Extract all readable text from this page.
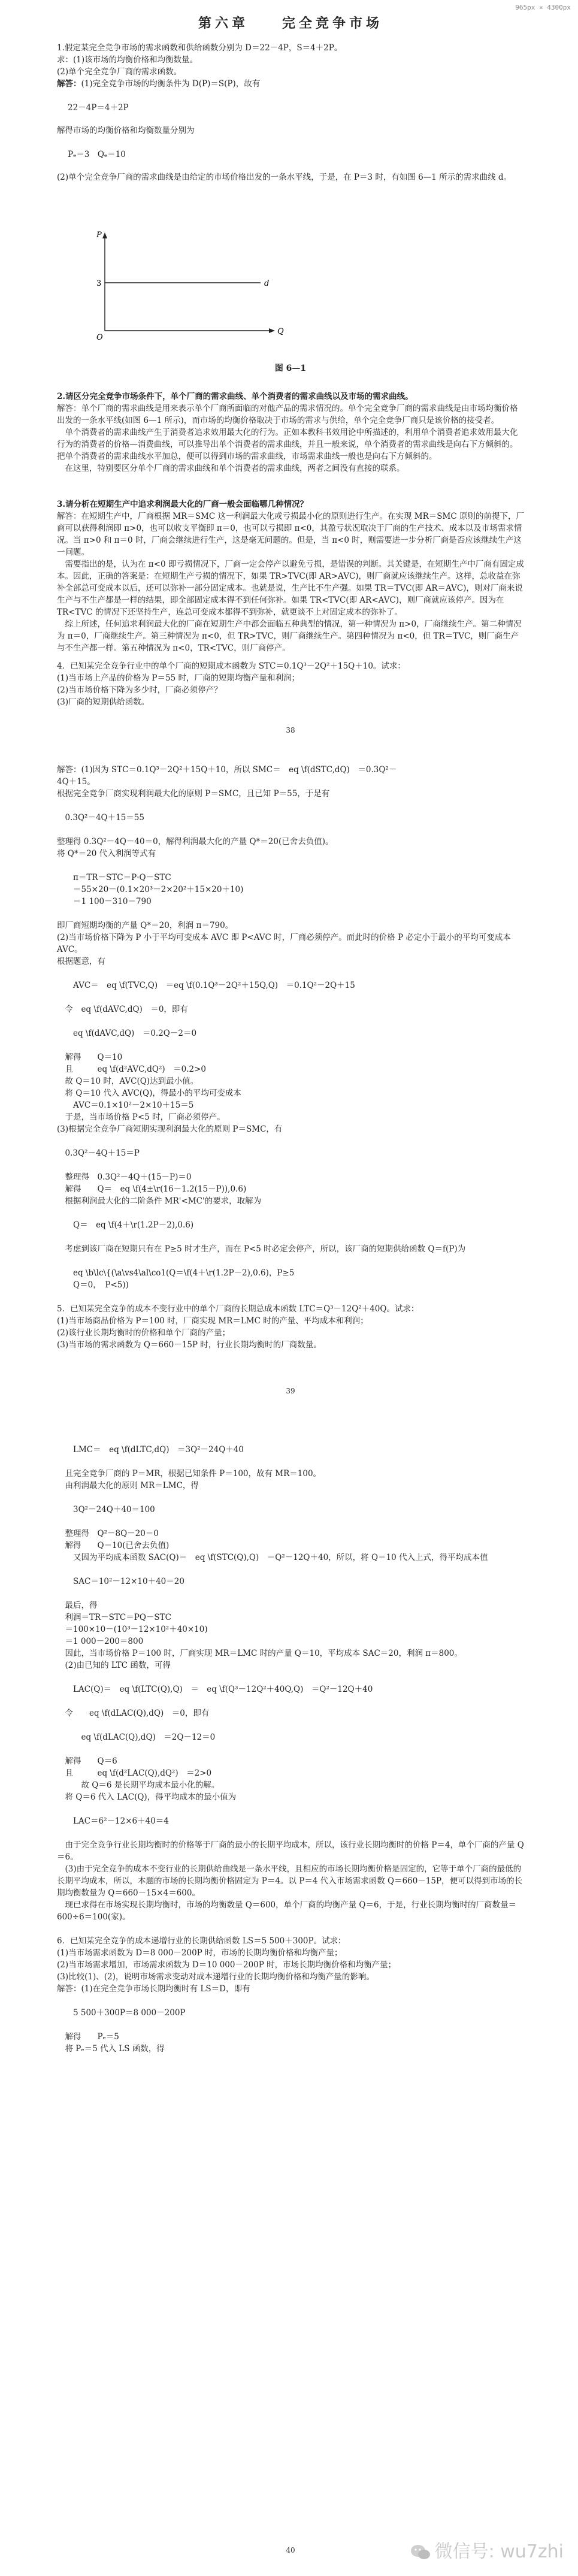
965px × 4300px
第六章　　完全竞争市场

1.假定某完全竞争市场的需求函数和供给函数分别为 D＝22－4P，S＝4＋2P。

求：(1)该市场的均衡价格和均衡数量。

(2)单个完全竞争厂商的需求函数。

解答：(1)完全竞争市场的均衡条件为 D(P)＝S(P)，故有

22－4P＝4＋2P

解得市场的均衡价格和均衡数量分别为

Pₑ＝3　Qₑ＝10

(2)单个完全竞争厂商的需求曲线是由给定的市场价格出发的一条水平线，于是，在 P＝3 时，有如图 6—1 所示的需求曲线 d。

P
Q
O
3	d
图 6—1

2.请区分完全竞争市场条件下，单个厂商的需求曲线、单个消费者的需求曲线以及市场的需求曲线。

解答：单个厂商的需求曲线是用来表示单个厂商所面临的对他产品的需求情况的。单个完全竞争厂商的需求曲线是由市场均衡价格出发的一条水平线(如图 6—1 所示)，而市场的均衡价格取决于市场的需求与供给，单个完全竞争厂商只是该价格的接受者。
　单个消费者的需求曲线产生于消费者追求效用最大化的行为。正如本教科书效用论中所描述的，利用单个消费者追求效用最大化行为的消费者的价格—消费曲线，可以推导出单个消费者的需求曲线，并且一般来说，单个消费者的需求曲线是向右下方倾斜的。把单个消费者的需求曲线水平加总，便可以得到市场的需求曲线，市场需求曲线一般也是向右下方倾斜的。
　在这里，特别要区分单个厂商的需求曲线和单个消费者的需求曲线，两者之间没有直接的联系。

3.请分析在短期生产中追求利润最大化的厂商一般会面临哪几种情况？

解答：在短期生产中，厂商根据 MR＝SMC 这一利润最大化或亏损最小化的原则进行生产。在实现 MR＝SMC 原则的前提下，厂商可以获得利润即 π>0，也可以收支平衡即 π＝0，也可以亏损即 π<0，其盈亏状况取决于厂商的生产技术、成本以及市场需求情况。当 π>0 和 π＝0 时，厂商会继续进行生产，这是毫无问题的。但是，当 π<0 时，则需要进一步分析厂商是否应该继续生产这一问题。
　需要指出的是，认为在 π<0 即亏损情况下，厂商一定会停产以避免亏损，是错误的判断。其关键是，在短期生产中厂商有固定成本。因此，正确的答案是：在短期生产亏损的情况下，如果 TR>TVC(即 AR>AVC)，则厂商就应该继续生产。这样，总收益在弥补全部总可变成本以后，还可以弥补一部分固定成本。也就是说，生产比不生产强。如果 TR＝TVC(即 AR＝AVC)，则对厂商来说生产与不生产都是一样的结果，即全部固定成本得不到任何弥补。如果 TR<TVC(即 AR<AVC)，则厂商就应该停产。因为在 TR<TVC 的情况下还坚持生产，连总可变成本都得不到弥补，就更谈不上对固定成本的弥补了。
　综上所述，任何追求利润最大化的厂商在短期生产中都会面临五种典型的情况，第一种情况为 π>0，厂商继续生产。第二种情况为 π＝0，厂商继续生产。第三种情况为 π<0，但 TR>TVC，则厂商继续生产。第四种情况为 π<0，但 TR＝TVC，则厂商生产与不生产都一样。第五种情况为 π<0，TR<TVC，则厂商停产。

4．已知某完全竞争行业中的单个厂商的短期成本函数为 STC＝0.1Q³－2Q²＋15Q＋10。试求：

(1)当市场上产品的价格为 P＝55 时，厂商的短期均衡产量和利润；

(2)当市场价格下降为多少时，厂商必须停产？

(3)厂商的短期供给函数。

38

解答：(1)因为 STC＝0.1Q³－2Q²＋15Q＋10，所以 SMC＝　eq \f(dSTC,dQ)　＝0.3Q²－

4Q＋15。

根据完全竞争厂商实现利润最大化的原则 P＝SMC，且已知 P＝55，于是有

　0.3Q²－4Q＋15＝55

整理得 0.3Q²－4Q－40＝0，解得利润最大化的产量 Q*＝20(已舍去负值)。

将 Q*＝20 代入利润等式有

　　π＝TR－STC＝P·Q－STC

　　＝55×20－(0.1×20³－2×20²＋15×20＋10)

　　＝1 100－310＝790

即厂商短期均衡的产量 Q*＝20，利润 π＝790。

(2)当市场价格下降为 P 小于平均可变成本 AVC 即 P<AVC 时，厂商必须停产。而此时的价格 P 必定小于最小的平均可变成本 AVC。

根据题意，有

　　AVC＝　eq \f(TVC,Q)　＝eq \f(0.1Q³－2Q²＋15Q,Q)　＝0.1Q²－2Q＋15

　令　eq \f(dAVC,dQ)　＝0，即有

　　eq \f(dAVC,dQ)　＝0.2Q－2＝0

　解得　　Q＝10

　且　　　eq \f(d²AVC,dQ²)　＝0.2>0

　故 Q＝10 时，AVC(Q)达到最小值。

　将 Q＝10 代入 AVC(Q)，得最小的平均可变成本

　　AVC＝0.1×10²－2×10＋15＝5

　于是，当市场价格 P<5 时，厂商必须停产。

(3)根据完全竞争厂商短期实现利润最大化的原则 P＝SMC，有

　0.3Q²－4Q＋15＝P

　整理得　0.3Q²－4Q＋(15－P)＝0

　解得　　Q＝　eq \f(4±\r(16－1.2(15－P)),0.6)

　根据利润最大化的二阶条件 MR'<MC'的要求，取解为

　　Q＝　eq \f(4＋\r(1.2P－2),0.6)

　考虑到该厂商在短期只有在 P≥5 时才生产，而在 P<5 时必定会停产，所以，该厂商的短期供给函数 Q＝f(P)为

　　eq \b\lc\{(\a\vs4\al\co1(Q＝\f(4＋\r(1.2P－2),0.6)，P≥5

　　Q＝0，　P<5))

5．已知某完全竞争的成本不变行业中的单个厂商的长期总成本函数 LTC＝Q³－12Q²＋40Q。试求：

(1)当市场商品价格为 P＝100 时，厂商实现 MR＝LMC 时的产量、平均成本和利润；

(2)该行业长期均衡时的价格和单个厂商的产量；

(3)当市场的需求函数为 Q＝660－15P 时，行业长期均衡时的厂商数量。

39

　　LMC＝　eq \f(dLTC,dQ)　＝3Q²－24Q＋40

　且完全竞争厂商的 P＝MR，根据已知条件 P＝100，故有 MR＝100。

　由利润最大化的原则 MR＝LMC，得

　　3Q²－24Q＋40＝100

　整理得　Q²－8Q－20＝0

　解得　　Q＝10(已舍去负值)

　　又因为平均成本函数 SAC(Q)＝　eq \f(STC(Q),Q)　＝Q²－12Q＋40，所以，将 Q＝10 代入上式，得平均成本值

　　SAC＝10²－12×10＋40＝20

　最后，得

　利润＝TR－STC＝PQ－STC

　＝100×10－(10³－12×10²＋40×10)

　＝1 000－200＝800

　因此，当市场价格 P＝100 时，厂商实现 MR＝LMC 时的产量 Q＝10，平均成本 SAC＝20，利润 π＝800。

　(2)由已知的 LTC 函数，可得

　　LAC(Q)＝　eq \f(LTC(Q),Q)　＝　eq \f(Q³－12Q²＋40Q,Q)　＝Q²－12Q＋40

　令　　eq \f(dLAC(Q),dQ)　＝0，即有

　　　eq \f(dLAC(Q),dQ)　＝2Q－12＝0

　解得　　Q＝6

　且　　　eq \f(d²LAC(Q),dQ²)　＝2>0

　　　故 Q＝6 是长期平均成本最小化的解。

　将 Q＝6 代入 LAC(Q)，得平均成本的最小值为

　　LAC＝6²－12×6＋40＝4

　由于完全竞争行业长期均衡时的价格等于厂商的最小的长期平均成本，所以，该行业长期均衡时的价格 P＝4，单个厂商的产量 Q＝6。

　(3)由于完全竞争的成本不变行业的长期供给曲线是一条水平线，且相应的市场长期均衡价格是固定的，它等于单个厂商的最低的长期平均成本，所以，本题的市场的长期均衡价格固定为 P＝4。以 P＝4 代入市场需求函数 Q＝660－15P，便可以得到市场的长期均衡数量为 Q＝660－15×4＝600。

　现已求得在市场实现长期均衡时，市场的均衡数量 Q＝600，单个厂商的均衡产量 Q＝6，于是，行业长期均衡时的厂商数量＝600÷6＝100(家)。

6．已知某完全竞争的成本递增行业的长期供给函数 LS＝5 500＋300P。试求：

(1)当市场需求函数为 D＝8 000－200P 时，市场的长期均衡价格和均衡产量；

(2)当市场需求增加，市场需求函数为 D＝10 000－200P 时，市场长期均衡价格和均衡产量；

(3)比较(1)、(2)，说明市场需求变动对成本递增行业的长期均衡价格和均衡产量的影响。

解答：(1)在完全竞争市场长期均衡时有 LS＝D，即有

　　5 500＋300P＝8 000－200P

　解得　　Pₑ＝5

　将 Pₑ＝5 代入 LS 函数，得

40	微信号: wu7zhi
